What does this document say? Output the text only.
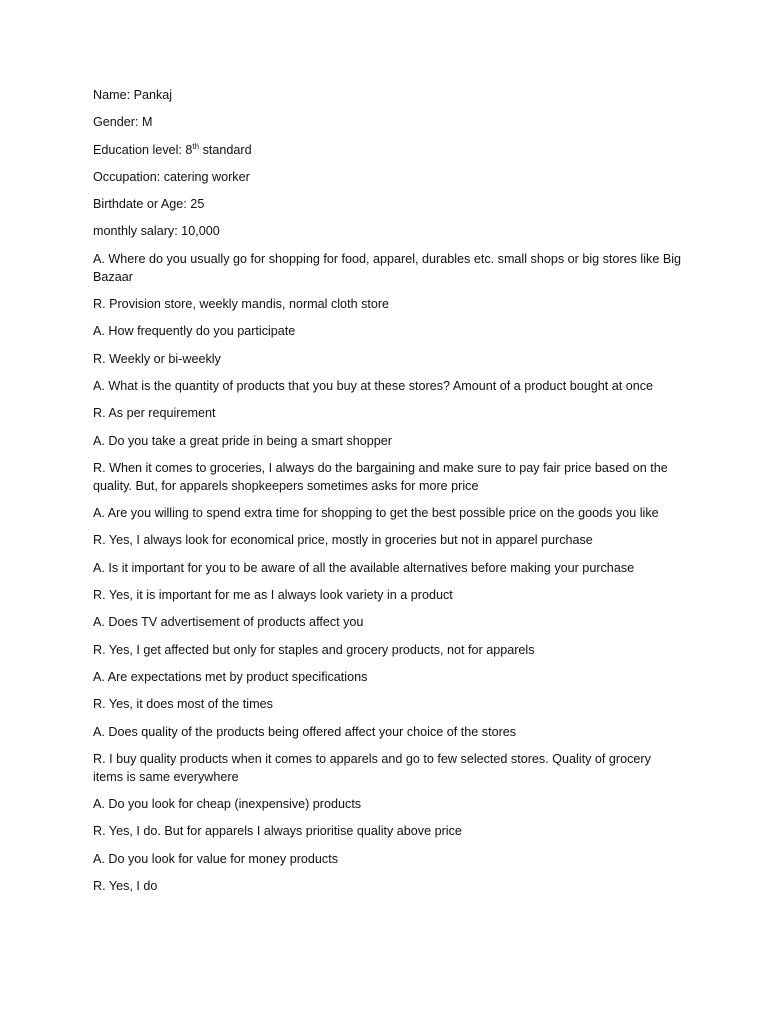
Name: Pankaj

Gender: M

Education level: 8th standard

Occupation: catering worker

Birthdate or Age: 25

monthly salary: 10,000

A. Where do you usually go for shopping for food, apparel, durables etc. small shops or big stores like Big Bazaar

R. Provision store, weekly mandis, normal cloth store

A. How frequently do you participate

R. Weekly or bi-weekly

A. What is the quantity of products that you buy at these stores? Amount of a product bought at once

R. As per requirement

A. Do you take a great pride in being a smart shopper

R. When it comes to groceries, I always do the bargaining and make sure to pay fair price based on the quality. But, for apparels shopkeepers sometimes asks for more price

A. Are you willing to spend extra time for shopping to get the best possible price on the goods you like

R. Yes, I always look for economical price, mostly in groceries but not in apparel purchase

A. Is it important for you to be aware of all the available alternatives before making your purchase

R. Yes, it is important for me as I always look variety in a product

A. Does TV advertisement of products affect you

R. Yes, I get affected but only for staples and grocery products, not for apparels

A. Are expectations met by product specifications

R. Yes, it does most of the times

A. Does quality of the products being offered affect your choice of the stores

R. I buy quality products when it comes to apparels and go to few selected stores. Quality of grocery items is same everywhere

A. Do you look for cheap (inexpensive) products

R. Yes, I do. But for apparels I always prioritise quality above price

A. Do you look for value for money products

R. Yes, I do
